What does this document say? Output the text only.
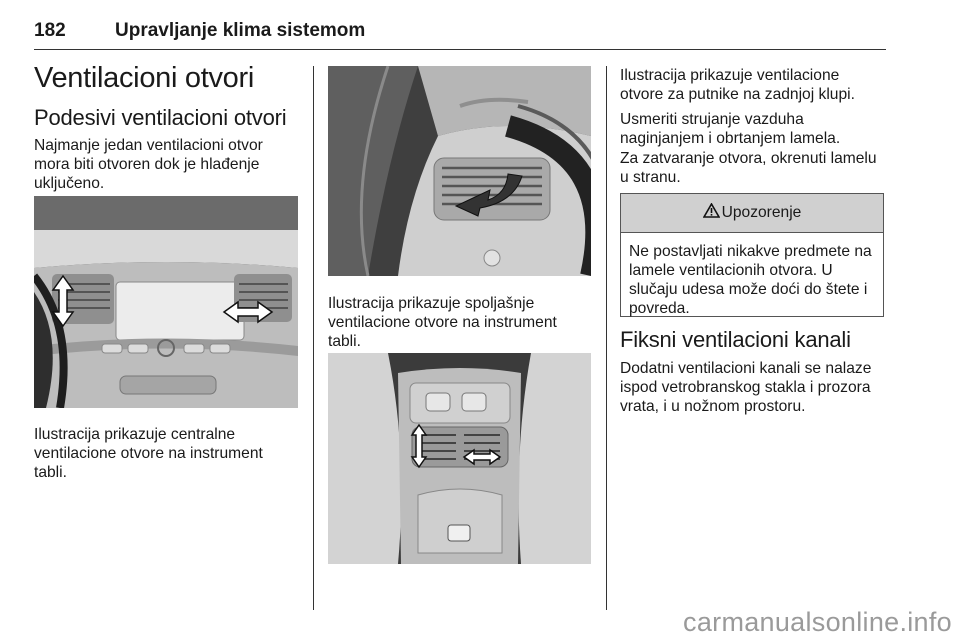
182	Upravljanje klima sistemom
Ventilacioni otvori
Podesivi ventilacioni otvori
Najmanje jedan ventilacioni otvor mora biti otvoren dok je hlađenje uključeno.
Ilustracija prikazuje centralne ventilacione otvore na instrument tabli.
Ilustracija prikazuje spoljašnje ventilacione otvore na instrument tabli.
Ilustracija prikazuje ventilacione otvore za putnike na zadnjoj klupi.
Usmeriti strujanje vazduha naginjanjem i obrtanjem lamela.
Za zatvaranje otvora, okrenuti lamelu u stranu.
Upozorenje
Ne postavljati nikakve predmete na lamele ventilacionih otvora. U slučaju udesa može doći do štete i povreda.
Fiksni ventilacioni kanali
Dodatni ventilacioni kanali se nalaze ispod vetrobranskog stakla i prozora vrata, i u nožnom prostoru.
carmanualsonline.info
